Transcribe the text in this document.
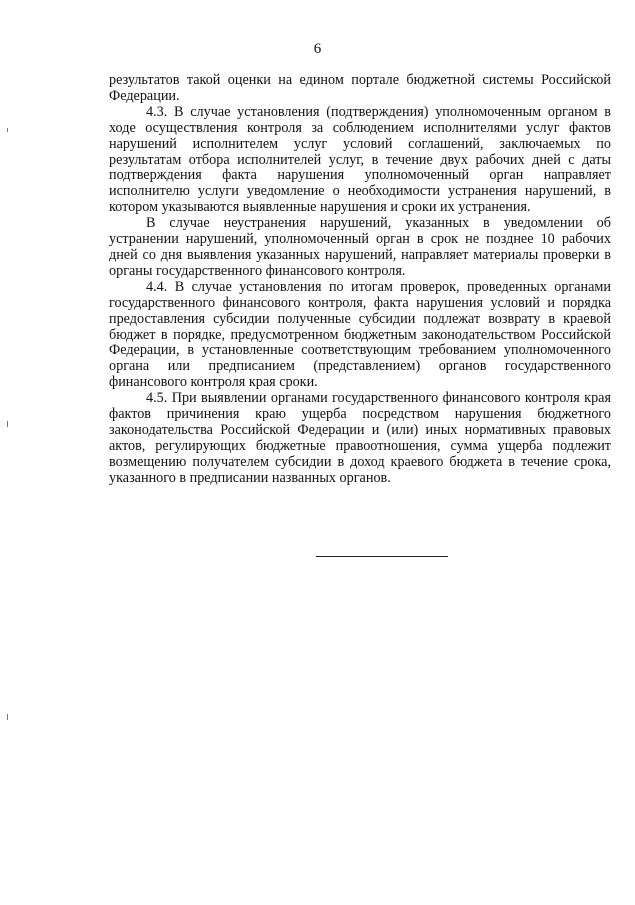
6

результатов такой оценки на едином портале бюджетной системы Российской Федерации.

4.3. В случае установления (подтверждения) уполномоченным органом в ходе осуществления контроля за соблюдением исполнителями услуг фактов нарушений исполнителем услуг условий соглашений, заключаемых по результатам отбора исполнителей услуг, в течение двух рабочих дней с даты подтверждения факта нарушения уполномоченный орган направляет исполнителю услуги уведомление о необходимости устранения нарушений, в котором указываются выявленные нарушения и сроки их устранения.

В случае неустранения нарушений, указанных в уведомлении об устранении нарушений, уполномоченный орган в срок не позднее 10 рабочих дней со дня выявления указанных нарушений, направляет материалы проверки в органы государственного финансового контроля.

4.4. В случае установления по итогам проверок, проведенных органами государственного финансового контроля, факта нарушения условий и порядка предоставления субсидии полученные субсидии подлежат возврату в краевой бюджет в порядке, предусмотренном бюджетным законодательством Российской Федерации, в установленные соответствующим требованием уполномоченного органа или предписанием (представлением) органов государственного финансового контроля края сроки.

4.5. При выявлении органами государственного финансового контроля края фактов причинения краю ущерба посредством нарушения бюджетного законодательства Российской Федерации и (или) иных нормативных правовых актов, регулирующих бюджетные правоотношения, сумма ущерба подлежит возмещению получателем субсидии в доход краевого бюджета в течение срока, указанного в предписании названных органов.
